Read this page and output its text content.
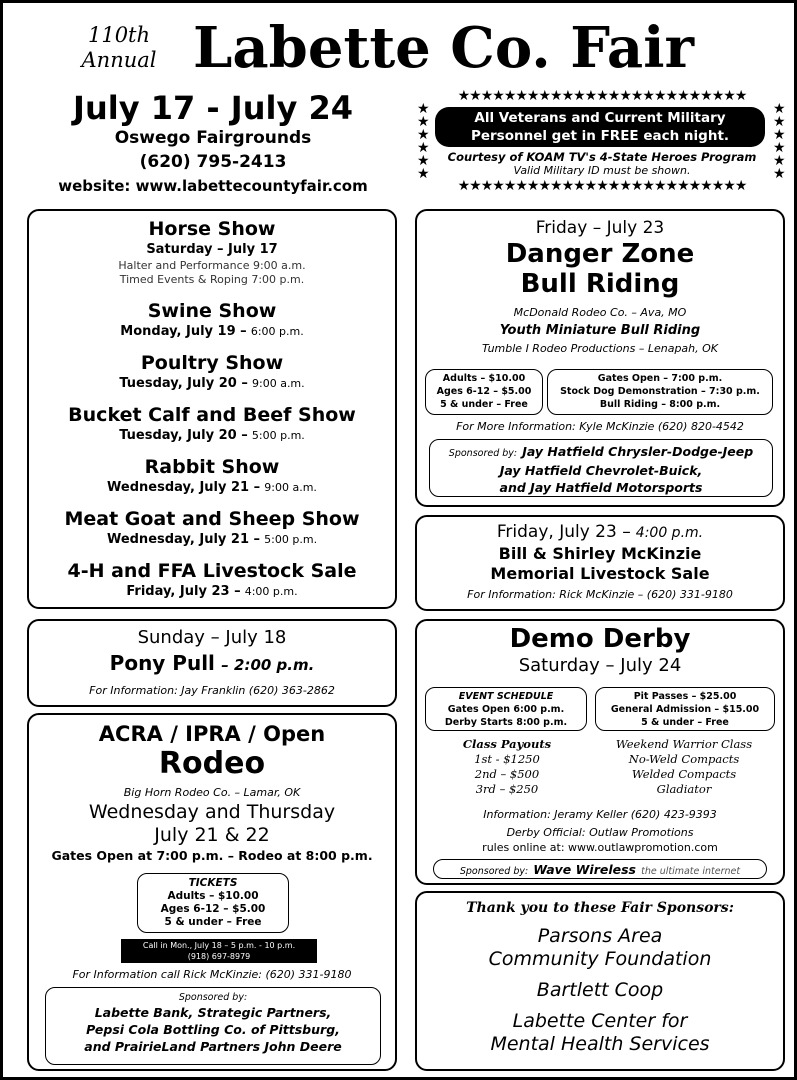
110th
Annual Labette Co. Fair
July 17 - July 24
Oswego Fairgrounds
(620) 795-2413
website: www.labettecountyfair.com
★★★★★★★★★★★★★★★★★★★★★★★★★
★
★
★
★
★
★
★
★
★
★
★
★
All Veterans and Current Military
Personnel get in FREE each night.
Courtesy of KOAM TV's 4-State Heroes Program
Valid Military ID must be shown.
★★★★★★★★★★★★★★★★★★★★★★★★★
Horse Show
Saturday – July 17
Halter and Performance 9:00 a.m.
Timed Events & Roping 7:00 p.m.
Swine Show
Monday, July 19 – 6:00 p.m.
Poultry Show
Tuesday, July 20 – 9:00 a.m.
Bucket Calf and Beef Show
Tuesday, July 20 – 5:00 p.m.
Rabbit Show
Wednesday, July 21 – 9:00 a.m.
Meat Goat and Sheep Show
Wednesday, July 21 – 5:00 p.m.
4-H and FFA Livestock Sale
Friday, July 23 – 4:00 p.m.
Sunday – July 18
Pony Pull – 2:00 p.m.
For Information: Jay Franklin (620) 363-2862
ACRA / IPRA / Open
Rodeo
Big Horn Rodeo Co. – Lamar, OK
Wednesday and Thursday
July 21 & 22
Gates Open at 7:00 p.m. – Rodeo at 8:00 p.m.
TICKETS
Adults – $10.00
Ages 6-12 – $5.00
5 & under – Free
Call in Mon., July 18 – 5 p.m. - 10 p.m.
(918) 697-8979
For Information call Rick McKinzie: (620) 331-9180
Sponsored by:
Labette Bank, Strategic Partners,
Pepsi Cola Bottling Co. of Pittsburg,
and PrairieLand Partners John Deere
Friday – July 23
Danger Zone
Bull Riding
McDonald Rodeo Co. – Ava, MO
Youth Miniature Bull Riding
Tumble I Rodeo Productions – Lenapah, OK
Adults – $10.00
Ages 6-12 – $5.00
5 & under – Free
Gates Open – 7:00 p.m.
Stock Dog Demonstration – 7:30 p.m.
Bull Riding – 8:00 p.m.
For More Information: Kyle McKinzie (620) 820-4542
Sponsored by: Jay Hatfield Chrysler-Dodge-Jeep
Jay Hatfield Chevrolet-Buick,
and Jay Hatfield Motorsports
Friday, July 23 – 4:00 p.m.
Bill & Shirley McKinzie
Memorial Livestock Sale
For Information: Rick McKinzie – (620) 331-9180
Demo Derby
Saturday – July 24
EVENT SCHEDULE
Gates Open 6:00 p.m.
Derby Starts 8:00 p.m.
Pit Passes – $25.00
General Admission – $15.00
5 & under – Free
Class Payouts
1st - $1250
2nd – $500
3rd – $250
Weekend Warrior Class
No-Weld Compacts
Welded Compacts
Gladiator
Information: Jeramy Keller (620) 423-9393
Derby Official: Outlaw Promotions
rules online at: www.outlawpromotion.com
Sponsored by: Wave Wireless the ultimate internet
Thank you to these Fair Sponsors:
Parsons Area
Community Foundation
Bartlett Coop
Labette Center for
Mental Health Services
